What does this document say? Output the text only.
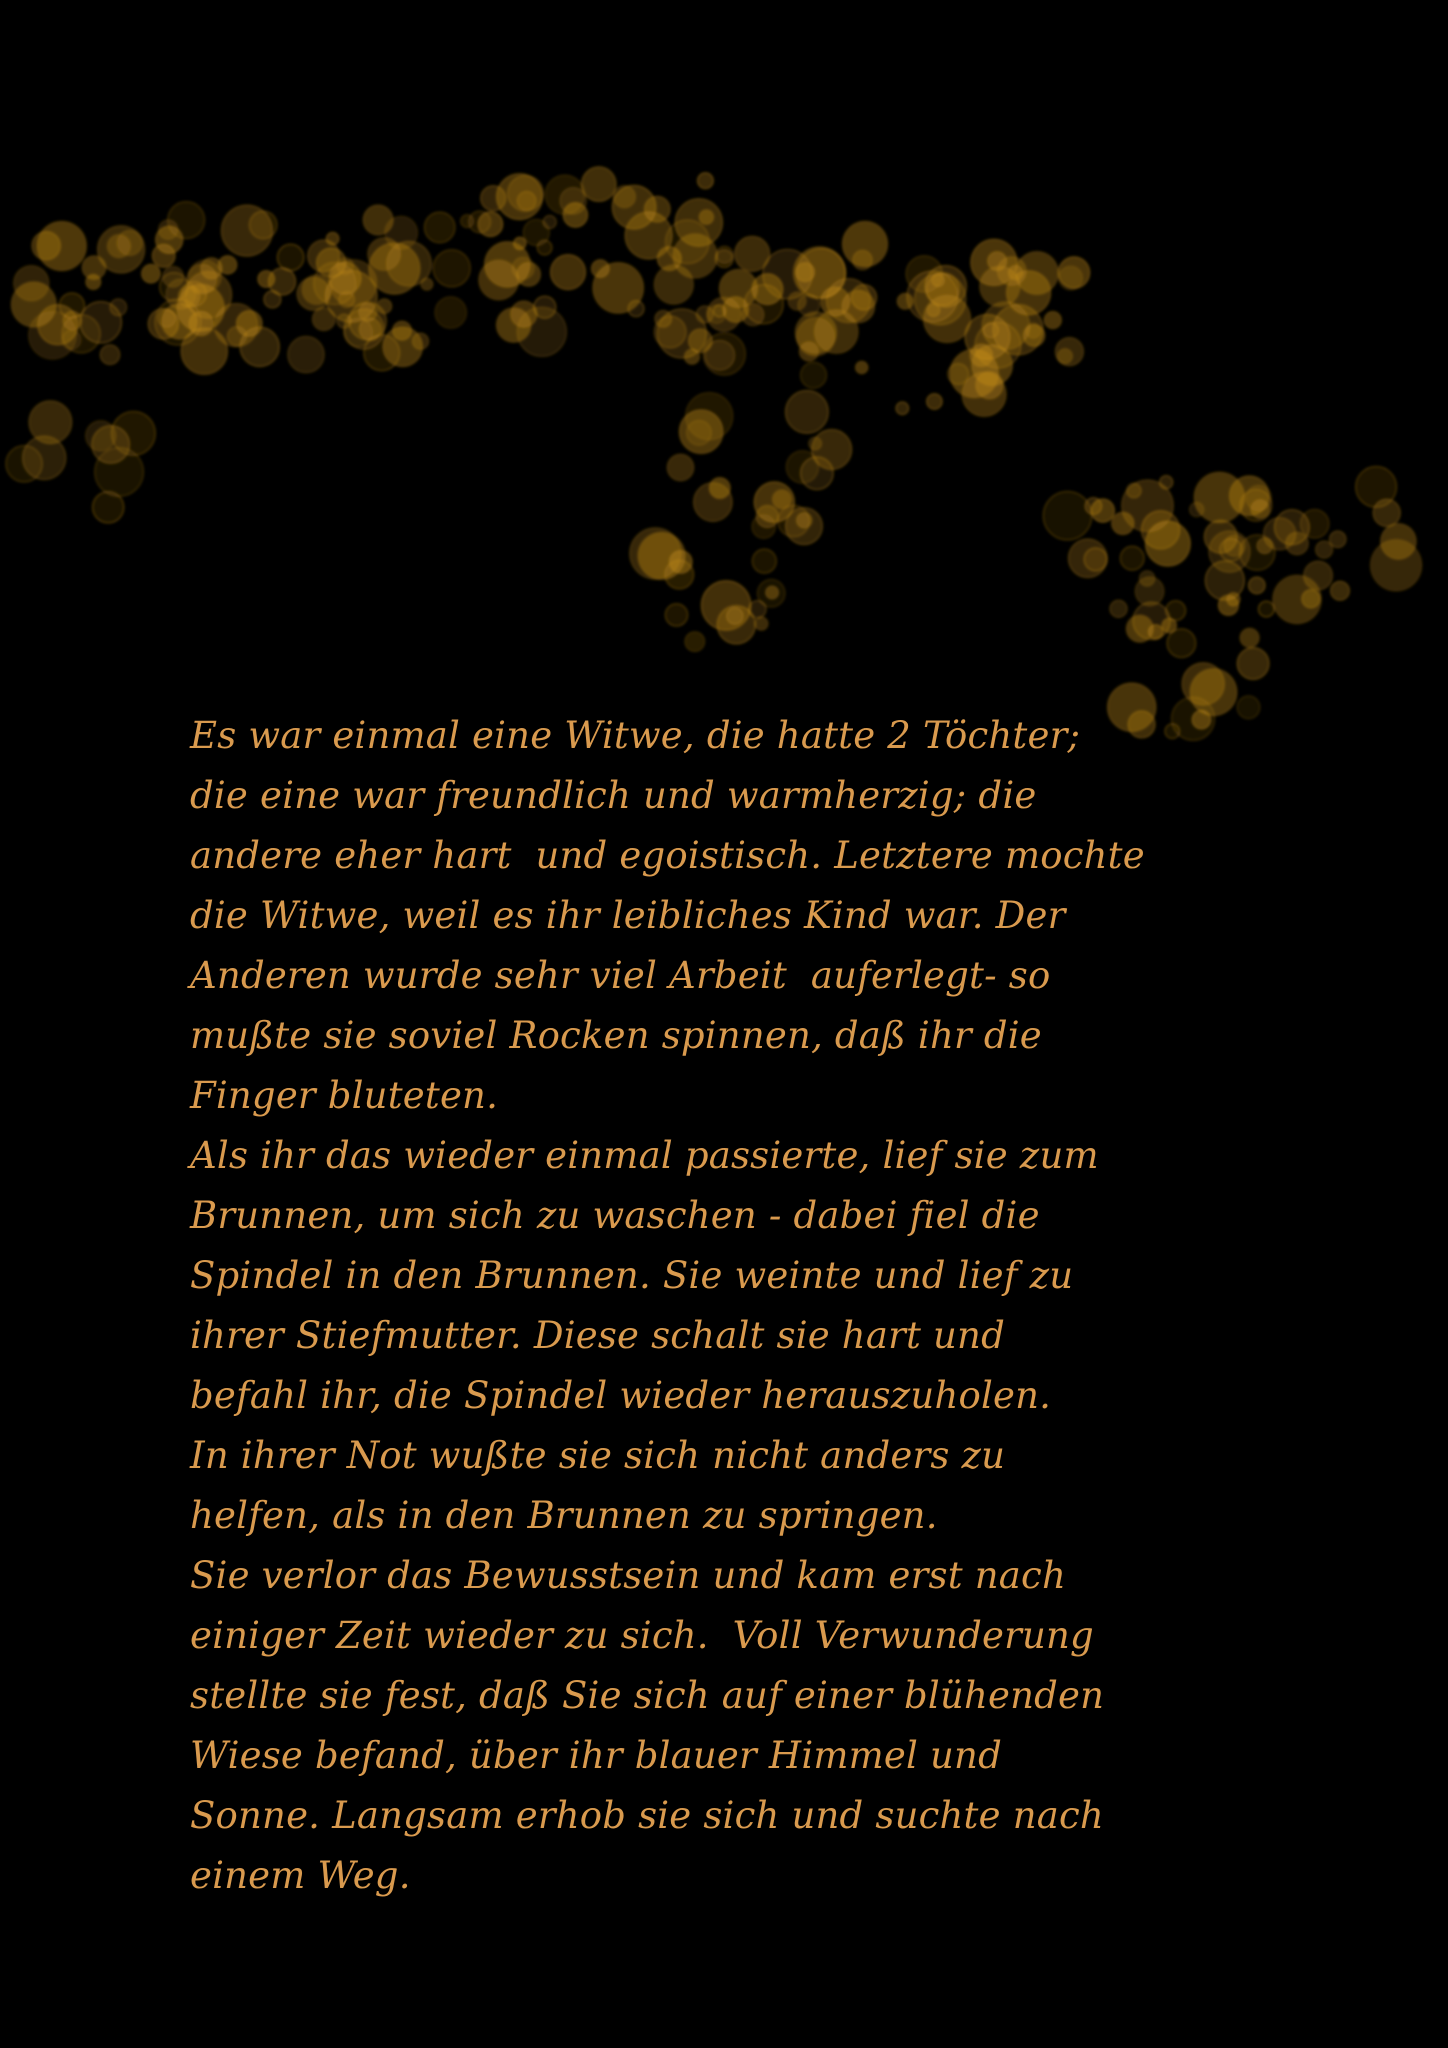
Es war einmal eine Witwe, die hatte 2 Töchter;
die eine war freundlich und warmherzig; die
andere eher hart  und egoistisch. Letztere mochte
die Witwe, weil es ihr leibliches Kind war. Der
Anderen wurde sehr viel Arbeit  auferlegt- so
mußte sie soviel Rocken spinnen, daß ihr die
Finger bluteten.
Als ihr das wieder einmal passierte, lief sie zum
Brunnen, um sich zu waschen - dabei fiel die
Spindel in den Brunnen. Sie weinte und lief zu
ihrer Stiefmutter. Diese schalt sie hart und
befahl ihr, die Spindel wieder herauszuholen.
In ihrer Not wußte sie sich nicht anders zu
helfen, als in den Brunnen zu springen.
Sie verlor das Bewusstsein und kam erst nach
einiger Zeit wieder zu sich.  Voll Verwunderung
stellte sie fest, daß Sie sich auf einer blühenden
Wiese befand, über ihr blauer Himmel und
Sonne. Langsam erhob sie sich und suchte nach
einem Weg.
